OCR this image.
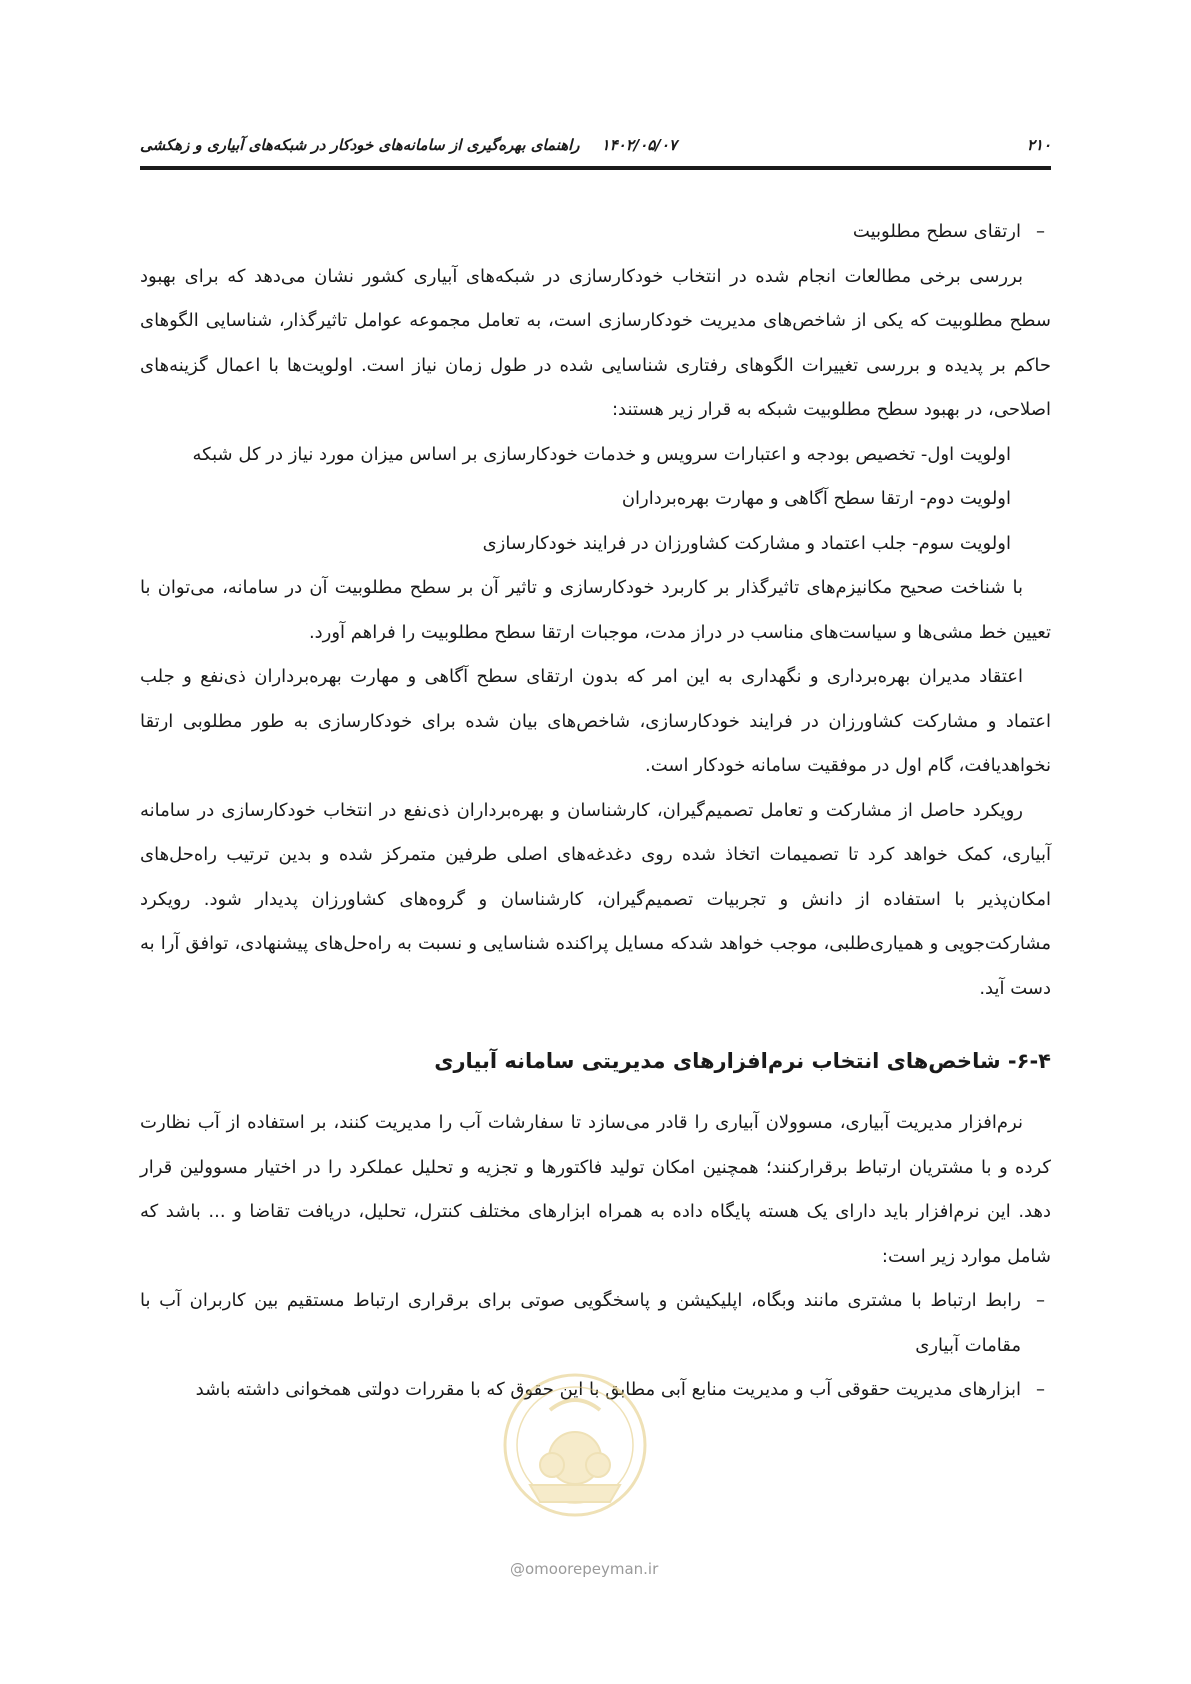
۲۱۰
۱۴۰۲/۰۵/۰۷
راهنمای بهره‌گیری از سامانه‌های خودکار در شبکه‌های آبیاری و زهکشی

–
ارتقای سطح مطلوبیت

بررسی برخی مطالعات انجام شده در انتخاب خودکارسازی در شبکه‌های آبیاری کشور نشان می‌دهد که برای بهبود سطح مطلوبیت که یکی از شاخص‌های مدیریت خودکارسازی است، به تعامل مجموعه عوامل تاثیرگذار، شناسایی الگوهای حاکم بر پدیده و بررسی تغییرات الگوهای رفتاری شناسایی شده در طول زمان نیاز است. اولویت‌ها با اعمال گزینه‌های اصلاحی، در بهبود سطح مطلوبیت شبکه به قرار زیر هستند:

اولویت اول- تخصیص بودجه و اعتبارات سرویس و خدمات خودکارسازی بر اساس میزان مورد نیاز در کل شبکه

اولویت دوم- ارتقا سطح آگاهی و مهارت بهره‌برداران

اولویت سوم- جلب اعتماد و مشارکت کشاورزان در فرایند خودکارسازی

با شناخت صحیح مکانیزم‌های تاثیرگذار بر کاربرد خودکارسازی و تاثیر آن بر سطح مطلوبیت آن در سامانه، می‌توان با تعیین خط مشی‌ها و سیاست‌های مناسب در دراز مدت، موجبات ارتقا سطح مطلوبیت را فراهم آورد.

اعتقاد مدیران بهره‌برداری و نگهداری به این امر که بدون ارتقای سطح آگاهی و مهارت بهره‌برداران ذی‌نفع و جلب اعتماد و مشارکت کشاورزان در فرایند خودکارسازی، شاخص‌های بیان شده برای خودکارسازی به طور مطلوبی ارتقا نخواهدیافت، گام اول در موفقیت سامانه خودکار است.

رویکرد حاصل از مشارکت و تعامل تصمیم‌گیران، کارشناسان و بهره‌برداران ذی‌نفع در انتخاب خودکارسازی در سامانه آبیاری، کمک خواهد کرد تا تصمیمات اتخاذ شده روی دغدغه‌های اصلی طرفین متمرکز شده و بدین ترتیب راه‌حل‌های امکان‌پذیر با استفاده از دانش و تجربیات تصمیم‌گیران، کارشناسان و گروه‌های کشاورزان پدیدار شود. رویکرد مشارکت‌جویی و همیاری‌طلبی، موجب خواهد شدکه مسایل پراکنده شناسایی و نسبت به راه‌حل‌های پیشنهادی، توافق آرا به دست آید.

۶-۴- شاخص‌های انتخاب نرم‌افزارهای مدیریتی سامانه آبیاری

نرم‌افزار مدیریت آبیاری، مسوولان آبیاری را قادر می‌سازد تا سفارشات آب را مدیریت کنند، بر استفاده از آب نظارت کرده و با مشتریان ارتباط برقرارکنند؛ همچنین امکان تولید فاکتورها و تجزیه و تحلیل عملکرد را در اختیار مسوولین قرار دهد. این نرم‌افزار باید دارای یک هسته پایگاه داده به همراه ابزارهای مختلف کنترل، تحلیل، دریافت تقاضا و ... باشد که شامل موارد زیر است:

–
رابط ارتباط با مشتری مانند وبگاه، اپلیکیشن و پاسخگویی صوتی برای برقراری ارتباط مستقیم بین کاربران آب با مقامات آبیاری

–
ابزارهای مدیریت حقوقی آب و مدیریت منابع آبی مطابق با این حقوق که با مقررات دولتی همخوانی داشته باشد

@omoorepeyman.ir
